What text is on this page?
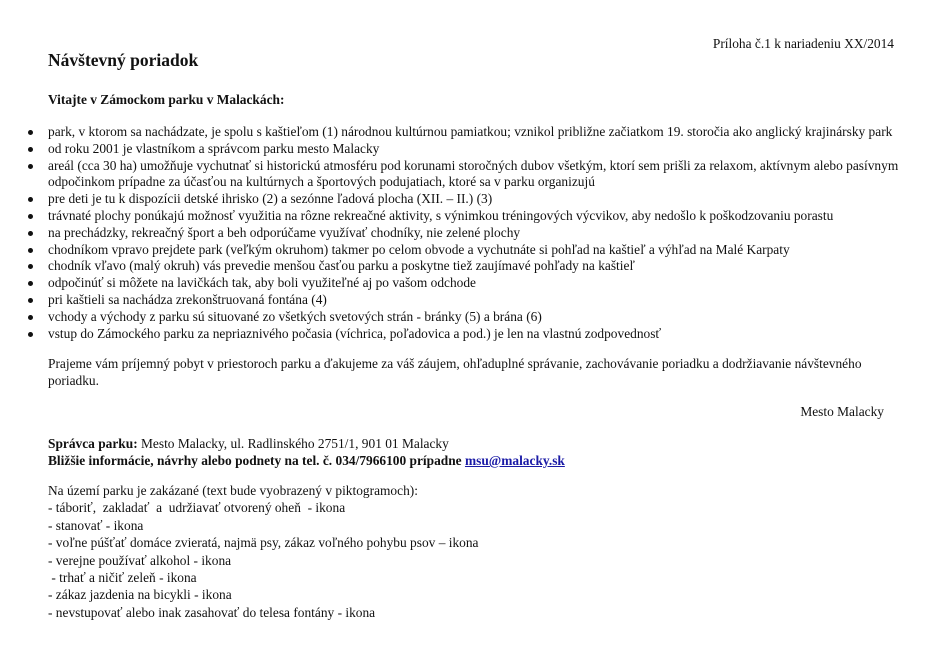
Príloha č.1 k nariadeniu XX/2014
Návštevný poriadok
Vitajte v Zámockom parku v Malackách:
park, v ktorom sa nachádzate, je spolu s kaštieľom (1) národnou kultúrnou pamiatkou; vznikol približne začiatkom 19. storočia ako anglický krajinársky park
od roku 2001 je vlastníkom a správcom parku mesto Malacky
areál (cca 30 ha) umožňuje vychutnať si historickú atmosféru pod korunami storočných dubov všetkým, ktorí sem prišli za relaxom, aktívnym alebo pasívnym odpočinkom prípadne za účasťou na kultúrnych a športových podujatiach, ktoré sa v parku organizujú
pre deti je tu k dispozícii detské ihrisko (2) a sezónne ľadová plocha (XII. – II.) (3)
trávnaté plochy ponúkajú možnosť využitia na rôzne rekreačné aktivity, s výnimkou tréningových výcvikov, aby nedošlo k poškodzovaniu porastu
na prechádzky, rekreačný šport a beh odporúčame využívať chodníky, nie zelené plochy
chodníkom vpravo prejdete park (veľkým okruhom) takmer po celom obvode a vychutnáte si pohľad na kaštieľ a výhľad na Malé Karpaty
chodník vľavo (malý okruh) vás prevedie menšou časťou parku a poskytne tiež zaujímavé pohľady na kaštieľ
odpočinúť si môžete na lavičkách tak, aby boli využiteľné aj po vašom odchode
pri kaštieli sa nachádza zrekonštruovaná fontána (4)
vchody a východy z parku sú situované zo všetkých svetových strán - bránky (5) a brána (6)
vstup do Zámockého parku za nepriaznivého počasia (víchrica, poľadovica a pod.) je len na vlastnú zodpovednosť

Prajeme vám príjemný pobyt v priestoroch parku a ďakujeme za váš záujem, ohľaduplné správanie, zachovávanie poriadku a dodržiavanie návštevného poriadku.

Mesto Malacky

Správca parku: Mesto Malacky, ul. Radlinského 2751/1, 901 01 Malacky
Bližšie informácie, návrhy alebo podnety na tel. č. 034/7966100 prípadne msu@malacky.sk
Na území parku je zakázané (text bude vyobrazený v piktogramoch):
- táboriť,  zakladať  a  udržiavať otvorený oheň  - ikona
- stanovať - ikona
- voľne púšťať domáce zvieratá, najmä psy, zákaz voľného pohybu psov – ikona
- verejne používať alkohol - ikona
- trhať a ničiť zeleň - ikona
- zákaz jazdenia na bicykli - ikona
- nevstupovať alebo inak zasahovať do telesa fontány - ikona
